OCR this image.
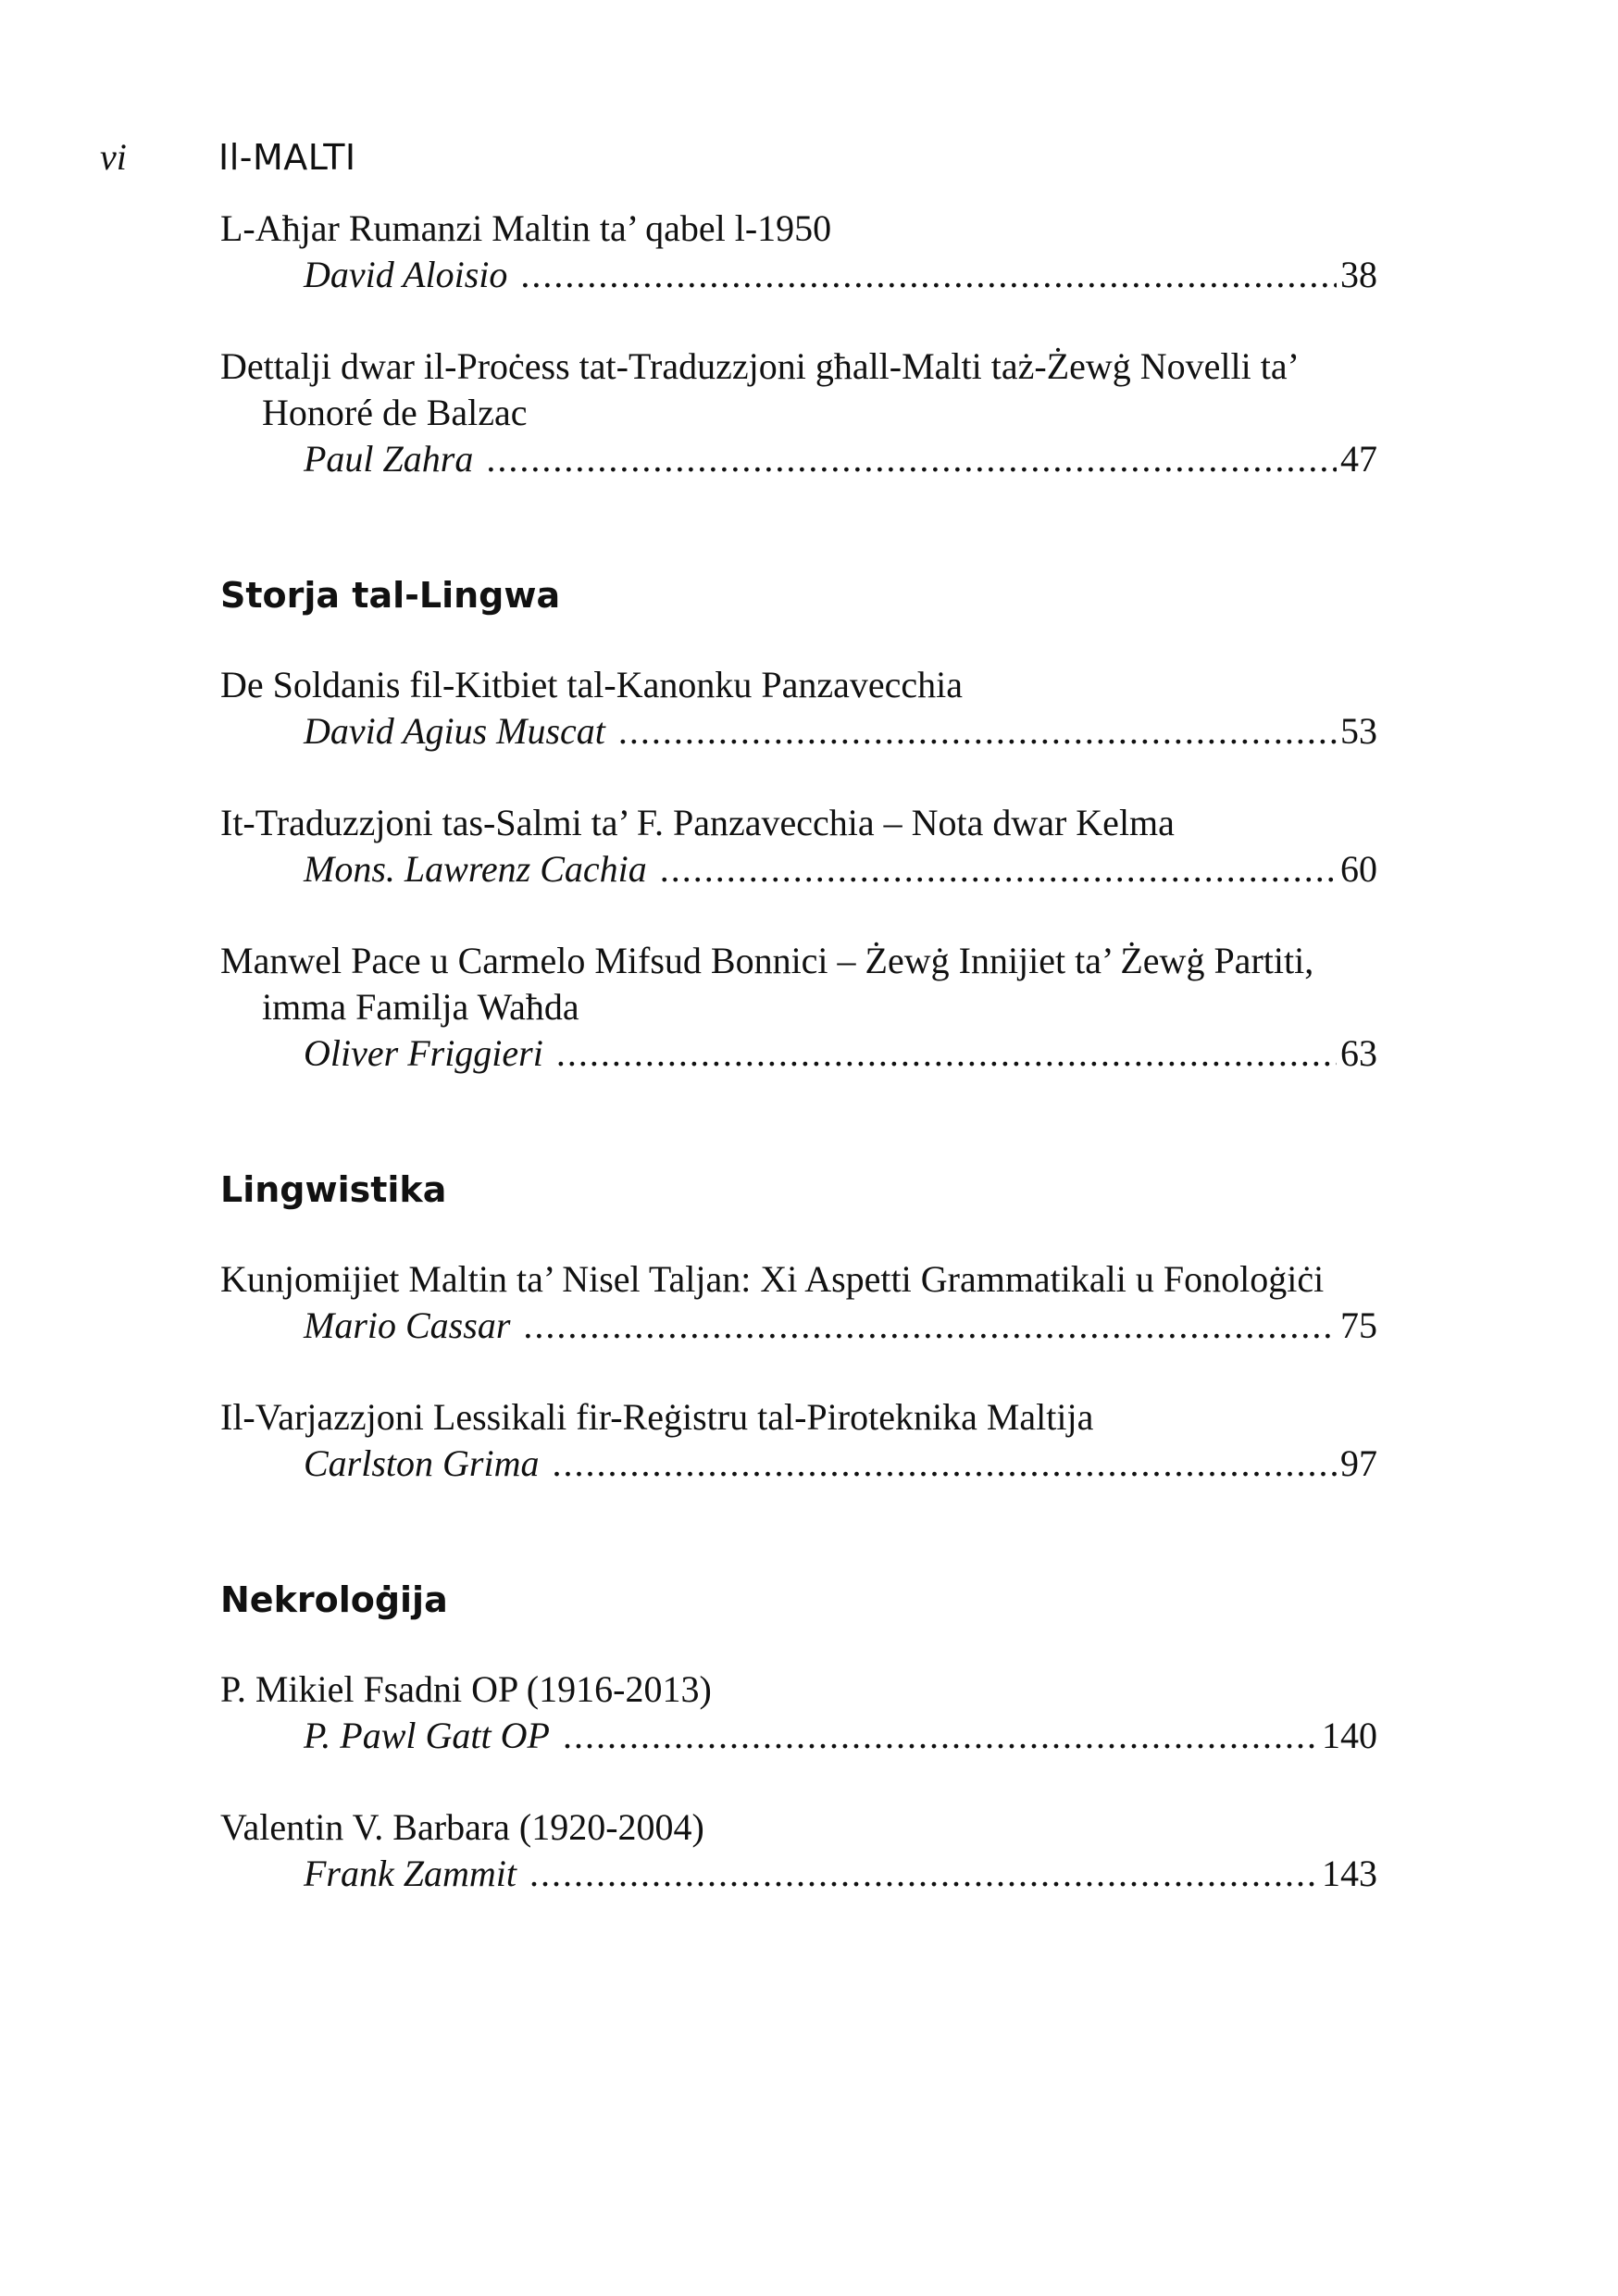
vi	Il-MALTI
L-Aħjar Rumanzi Maltin ta’ qabel l-1950
David Aloisio .....	38
Dettalji dwar il-Proċess tat-Traduzzjoni għall-Malti taż-Żewġ Novelli ta’ Honoré de Balzac
Paul Zahra .....	47
Storja tal-Lingwa
De Soldanis fil-Kitbiet tal-Kanonku Panzavecchia
David Agius Muscat .....	53
It-Traduzzjoni tas-Salmi ta’ F. Panzavecchia – Nota dwar Kelma
Mons. Lawrenz Cachia .....	60
Manwel Pace u Carmelo Mifsud Bonnici – Żewġ Innijiet ta’ Żewġ Partiti, imma Familja Waħda
Oliver Friggieri .....	63
Lingwistika
Kunjomijiet Maltin ta’ Nisel Taljan: Xi Aspetti Grammatikali u Fonoloġiċi
Mario Cassar .....	75
Il-Varjazzjoni Lessikali fir-Reġistru tal-Piroteknika Maltija
Carlston Grima .....	97
Nekroloġija
P. Mikiel Fsadni OP (1916-2013)
P. Pawl Gatt OP .....	140
Valentin V. Barbara (1920-2004)
Frank Zammit .....	143
